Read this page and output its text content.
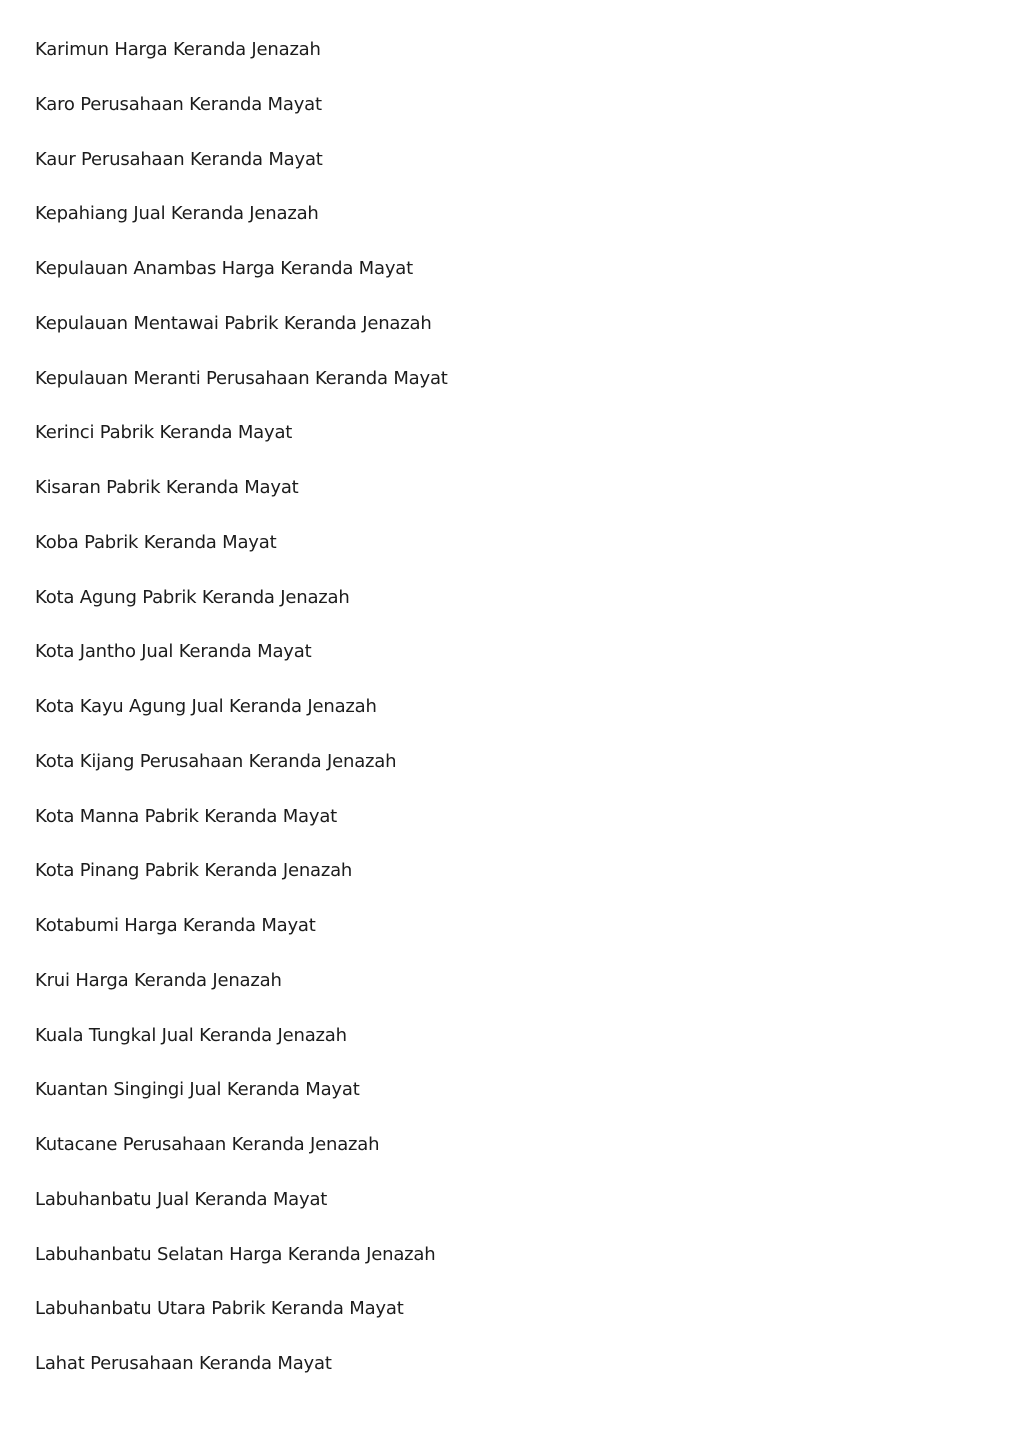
Karimun Harga Keranda Jenazah
Karo Perusahaan Keranda Mayat
Kaur Perusahaan Keranda Mayat
Kepahiang Jual Keranda Jenazah
Kepulauan Anambas Harga Keranda Mayat
Kepulauan Mentawai Pabrik Keranda Jenazah
Kepulauan Meranti Perusahaan Keranda Mayat
Kerinci Pabrik Keranda Mayat
Kisaran Pabrik Keranda Mayat
Koba Pabrik Keranda Mayat
Kota Agung Pabrik Keranda Jenazah
Kota Jantho Jual Keranda Mayat
Kota Kayu Agung Jual Keranda Jenazah
Kota Kijang Perusahaan Keranda Jenazah
Kota Manna Pabrik Keranda Mayat
Kota Pinang Pabrik Keranda Jenazah
Kotabumi Harga Keranda Mayat
Krui Harga Keranda Jenazah
Kuala Tungkal Jual Keranda Jenazah
Kuantan Singingi Jual Keranda Mayat
Kutacane Perusahaan Keranda Jenazah
Labuhanbatu Jual Keranda Mayat
Labuhanbatu Selatan Harga Keranda Jenazah
Labuhanbatu Utara Pabrik Keranda Mayat
Lahat Perusahaan Keranda Mayat
